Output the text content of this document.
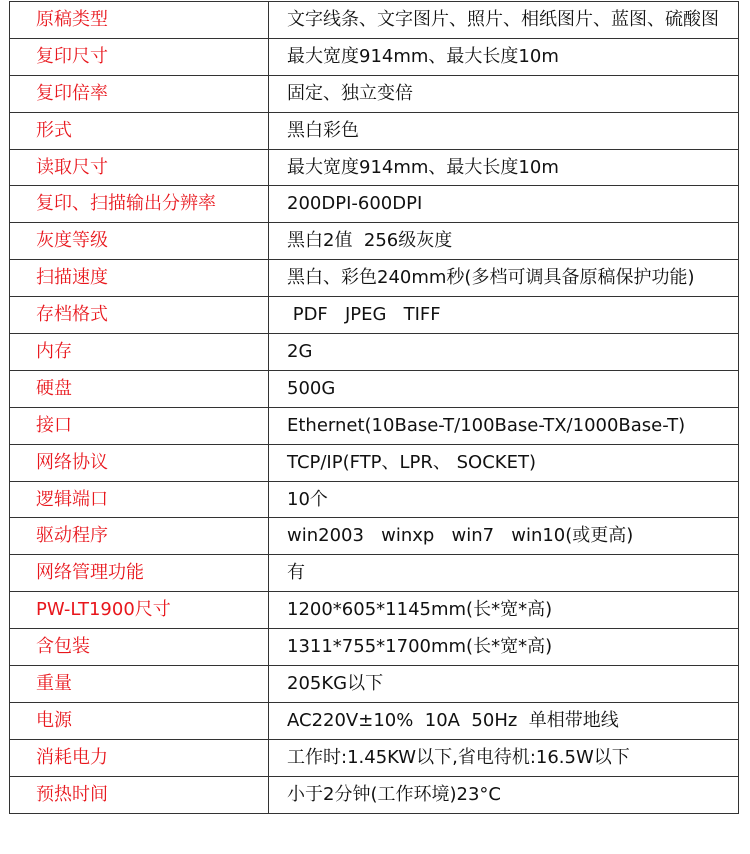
原稿类型	文字线条、文字图片、照片、相纸图片、蓝图、硫酸图
复印尺寸	最大宽度914mm、最大长度10m
复印倍率	固定、独立变倍
形式	黑白彩色
读取尺寸	最大宽度914mm、最大长度10m
复印、扫描输出分辨率	200DPI-600DPI
灰度等级	黑白2值  256级灰度
扫描速度	黑白、彩色240mm秒(多档可调具备原稿保护功能)
存档格式	PDF   JPEG   TIFF
内存	2G
硬盘	500G
接口	Ethernet(10Base-T/100Base-TX/1000Base-T)
网络协议	TCP/IP(FTP、LPR、 SOCKET)
逻辑端口	10个
驱动程序	win2003   winxp   win7   win10(或更高)
网络管理功能	有
PW-LT1900尺寸	1200*605*1145mm(长*宽*高)
含包装	1311*755*1700mm(长*宽*高)
重量	205KG以下
电源	AC220V±10%  10A  50Hz  单相带地线
消耗电力	工作时:1.45KW以下,省电待机:16.5W以下
预热时间	小于2分钟(工作环境)23°C
